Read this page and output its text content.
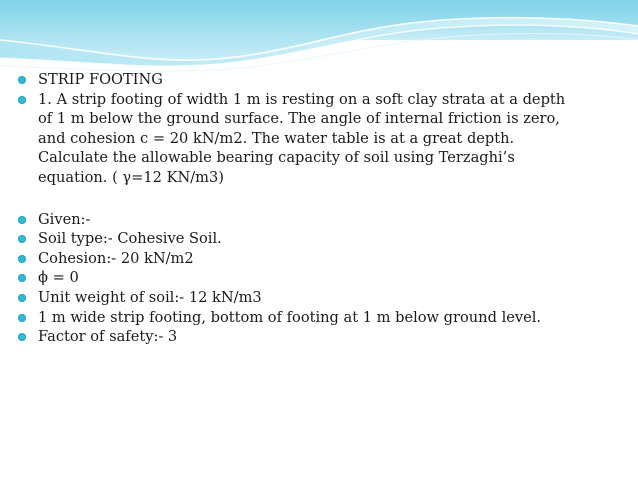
STRIP FOOTING
1. A strip footing of width 1 m is resting on a soft clay strata at a depth
of 1 m below the ground surface. The angle of internal friction is zero,
and cohesion c = 20 kN/m2. The water table is at a great depth.
Calculate the allowable bearing capacity of soil using Terzaghi’s
equation. ( γ=12 KN/m3)
Given:-
Soil type:- Cohesive Soil.
Cohesion:- 20 kN/m2
ϕ = 0
Unit weight of soil:- 12 kN/m3
1 m wide strip footing, bottom of footing at 1 m below ground level.
Factor of safety:- 3
